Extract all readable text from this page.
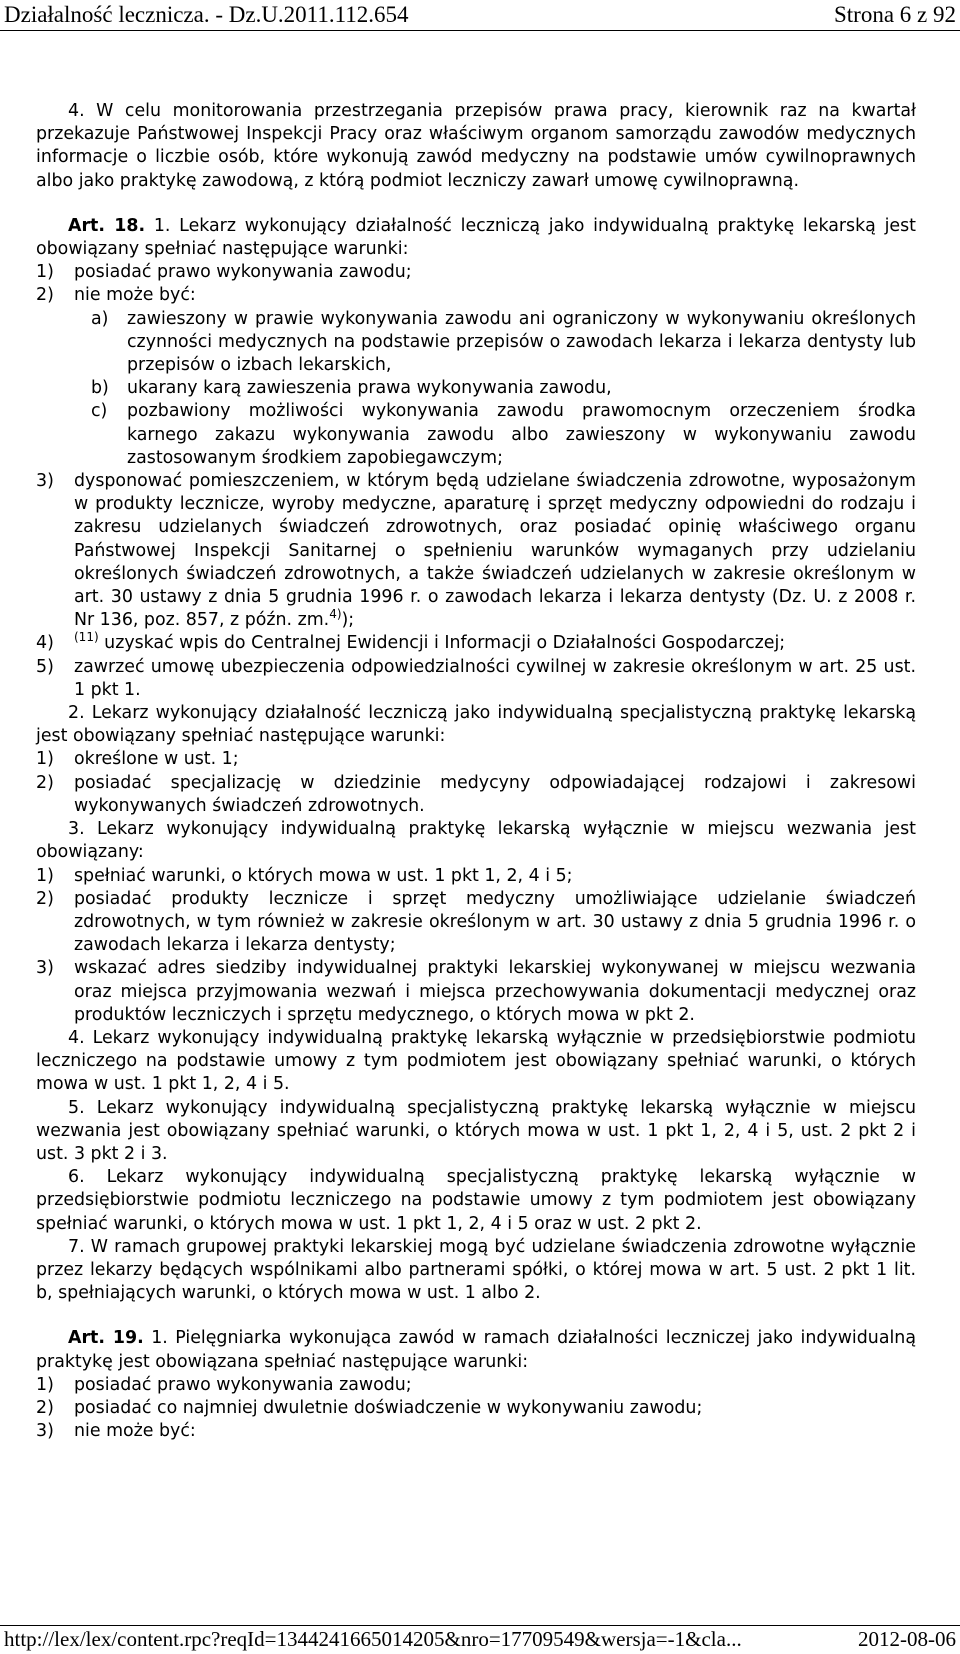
Działalność lecznicza. - Dz.U.2011.112.654	Strona 6 z 92

4. W celu monitorowania przestrzegania przepisów prawa pracy, kierownik raz na kwartał przekazuje Państwowej Inspekcji Pracy oraz właściwym organom samorządu zawodów medycznych informacje o liczbie osób, które wykonują zawód medyczny na podstawie umów cywilnoprawnych albo jako praktykę zawodową, z którą podmiot leczniczy zawarł umowę cywilnoprawną.

Art. 18. 1. Lekarz wykonujący działalność leczniczą jako indywidualną praktykę lekarską jest obowiązany spełniać następujące warunki:
1) posiadać prawo wykonywania zawodu;
2) nie może być:
a) zawieszony w prawie wykonywania zawodu ani ograniczony w wykonywaniu określonych czynności medycznych na podstawie przepisów o zawodach lekarza i lekarza dentysty lub przepisów o izbach lekarskich,
b) ukarany karą zawieszenia prawa wykonywania zawodu,
c) pozbawiony możliwości wykonywania zawodu prawomocnym orzeczeniem środka karnego zakazu wykonywania zawodu albo zawieszony w wykonywaniu zawodu zastosowanym środkiem zapobiegawczym;
3) dysponować pomieszczeniem, w którym będą udzielane świadczenia zdrowotne, wyposażonym w produkty lecznicze, wyroby medyczne, aparaturę i sprzęt medyczny odpowiedni do rodzaju i zakresu udzielanych świadczeń zdrowotnych, oraz posiadać opinię właściwego organu Państwowej Inspekcji Sanitarnej o spełnieniu warunków wymaganych przy udzielaniu określonych świadczeń zdrowotnych, a także świadczeń udzielanych w zakresie określonym w art. 30 ustawy z dnia 5 grudnia 1996 r. o zawodach lekarza i lekarza dentysty (Dz. U. z 2008 r. Nr 136, poz. 857, z późn. zm.$^{4)}$);
4) $^{(11)}$ uzyskać wpis do Centralnej Ewidencji i Informacji o Działalności Gospodarczej;
5) zawrzeć umowę ubezpieczenia odpowiedzialności cywilnej w zakresie określonym w art. 25 ust. 1 pkt 1.
2. Lekarz wykonujący działalność leczniczą jako indywidualną specjalistyczną praktykę lekarską jest obowiązany spełniać następujące warunki:
1) określone w ust. 1;
2) posiadać specjalizację w dziedzinie medycyny odpowiadającej rodzajowi i zakresowi wykonywanych świadczeń zdrowotnych.
3. Lekarz wykonujący indywidualną praktykę lekarską wyłącznie w miejscu wezwania jest obowiązany:
1) spełniać warunki, o których mowa w ust. 1 pkt 1, 2, 4 i 5;
2) posiadać produkty lecznicze i sprzęt medyczny umożliwiające udzielanie świadczeń zdrowotnych, w tym również w zakresie określonym w art. 30 ustawy z dnia 5 grudnia 1996 r. o zawodach lekarza i lekarza dentysty;
3) wskazać adres siedziby indywidualnej praktyki lekarskiej wykonywanej w miejscu wezwania oraz miejsca przyjmowania wezwań i miejsca przechowywania dokumentacji medycznej oraz produktów leczniczych i sprzętu medycznego, o których mowa w pkt 2.
4. Lekarz wykonujący indywidualną praktykę lekarską wyłącznie w przedsiębiorstwie podmiotu leczniczego na podstawie umowy z tym podmiotem jest obowiązany spełniać warunki, o których mowa w ust. 1 pkt 1, 2, 4 i 5.
5. Lekarz wykonujący indywidualną specjalistyczną praktykę lekarską wyłącznie w miejscu wezwania jest obowiązany spełniać warunki, o których mowa w ust. 1 pkt 1, 2, 4 i 5, ust. 2 pkt 2 i ust. 3 pkt 2 i 3.
6. Lekarz wykonujący indywidualną specjalistyczną praktykę lekarską wyłącznie w przedsiębiorstwie podmiotu leczniczego na podstawie umowy z tym podmiotem jest obowiązany spełniać warunki, o których mowa w ust. 1 pkt 1, 2, 4 i 5 oraz w ust. 2 pkt 2.
7. W ramach grupowej praktyki lekarskiej mogą być udzielane świadczenia zdrowotne wyłącznie przez lekarzy będących wspólnikami albo partnerami spółki, o której mowa w art. 5 ust. 2 pkt 1 lit. b, spełniających warunki, o których mowa w ust. 1 albo 2.
Art. 19. 1. Pielęgniarka wykonująca zawód w ramach działalności leczniczej jako indywidualną praktykę jest obowiązana spełniać następujące warunki:
1) posiadać prawo wykonywania zawodu;
2) posiadać co najmniej dwuletnie doświadczenie w wykonywaniu zawodu;
3) nie może być:
http://lex/lex/content.rpc?reqId=1344241665014205&nro=17709549&wersja=-1&cla...	2012-08-06
